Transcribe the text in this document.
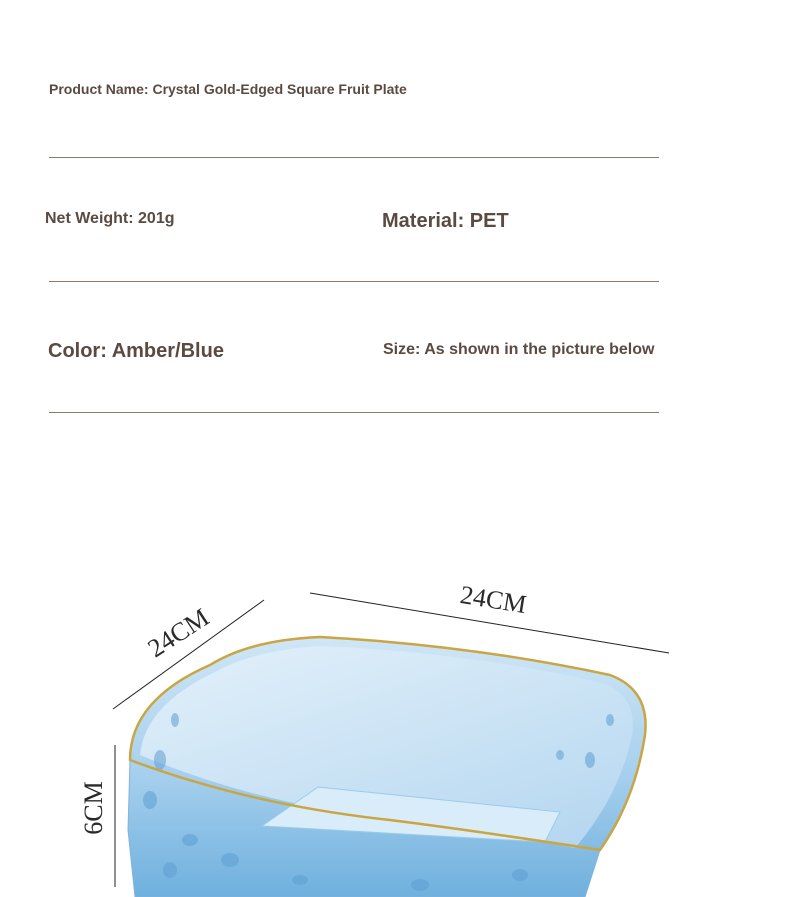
Product Name: Crystal Gold-Edged Square Fruit Plate
Net Weight: 201g	Material: PET
Color: Amber/Blue	Size: As shown in the picture below
24CM
24CM
6CM
